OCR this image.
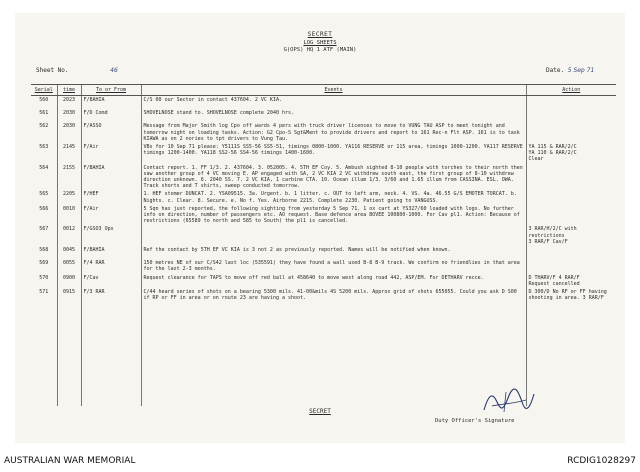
SECRET
LOG SHEETS
G(OPS) HQ 1 ATF (MAIN)
Sheet No.	46	Date. 5 Sep 71
Serial	time	To or From	Events	Action
560	2023	F/BAHIA	C/S 00 our Sector in contact 437604. 2 VC KIA.	
561	2030	F/D Comd	SHOVELNOSE stand to. SHOVELNOSE complete 2040 hrs.	
562	2030	F/ASSO	Message from Major Smith log Cpo off wards 4 pers with truck driver licences to move to VUNG TAU ASP to meet tonight and tomorrow night on loading tasks. Action: G2 Cpo-S Sgt&Ment to provide drivers and report to 161 Rec-n Flt ASP. 161 is to task KIAWA as on 2 nories to tpt drivers to Vung Tau.	
563	2145	F/Air	VBs for 10 Sep 71 please: Y5111S SS5-56 SS5-51, timings 0800-1000. YA116 RESERVE or 115 area, timings 1000-1200. YA117 RESERVE timings 1200-1400. YA118 SS2-56 SS4-56 timings 1400-1600.	YA 115 & RAR/2/C
YA 110 & RAR/2/C
Clear
564	2155	F/BAHIA	Contact report. 1. FF 1/3. 2. 437604. 3. 052005. 4. 5TH EF Coy. 5. Ambush sighted 8-10 people with torches to their north then saw another group of 4 VC moving E. AP engaged with SA, 2 VC KIA 2 VC withdrew south east, the first group of 8-10 withdrew direction unknown. 6. 2040 SS. 7. 2 VC KIA, 1 carbine CTA. 10. Ocean illum 1/3. 3/60 and 1.65 illum from CASSINA. ESL. OWA. Track shorts and T shirts, sweep conducted tomorrow.	
565	2205	F/HEF	1. HEF stomer DUNCAT. 2. YSA09515. 3a. Urgent. b. 1 litter. c. OUT to left arm, neck. 4. VS. 4a. 46.55 G/S EMOTER TORCAT. b. Nights. c. Clear. 8. Secure. e. No f. Yes. Airborne 2215. Complete 2230. Patient going to VANGUSS.	
566	0010	F/Air	5 Sqn has just reported, the following sighting from yesterday 5 Sep 71. 1 ox cart at YS327/60 loaded with logs. No further info on direction, number of passengers etc. AO request. Base defence area BOVEE 100800-1000. For Cav pl1. Action: Because of restrictions (65589 to north and 585 to South) the pl1 is cancelled.	
567	0012	F/GSO3 Ops		3 RAR/H/2/C with restrictions
3 RAR/F Cav/F
568	0045	F/BAHIA	Ref the contact by 5TH EF VC KIA is 3 not 2 as previously reported. Names will be notified when known.	
569	0055	F/4 RAR	150 metres NE of our C/S42 last loc (535591) they have found a wall used B-8 B-9 track. We confirm no friendlies in that area for the last 2-3 months.	
570	0900	F/Cav	Request clearance for TAPS to move off red ball at 458640 to move west along road 442, ASP/EM. For DETHARV recce.	D THARV/F 4 RAR/F
Request cancelled
571	0915	F/3 RAR	C/44 heard series of shots on a bearing 5300 mils. 41-00&mils 4S 5200 mils. Approx grid of shots 655055. Could you ask D S00 if RP or FF in area or on route 23 are having a shoot.	D 300/D No RF or FF having shooting in area. 3 RAR/F

SECRET
Duty Officer's Signature
AUSTRALIAN WAR MEMORIAL	RCDIG1028297
